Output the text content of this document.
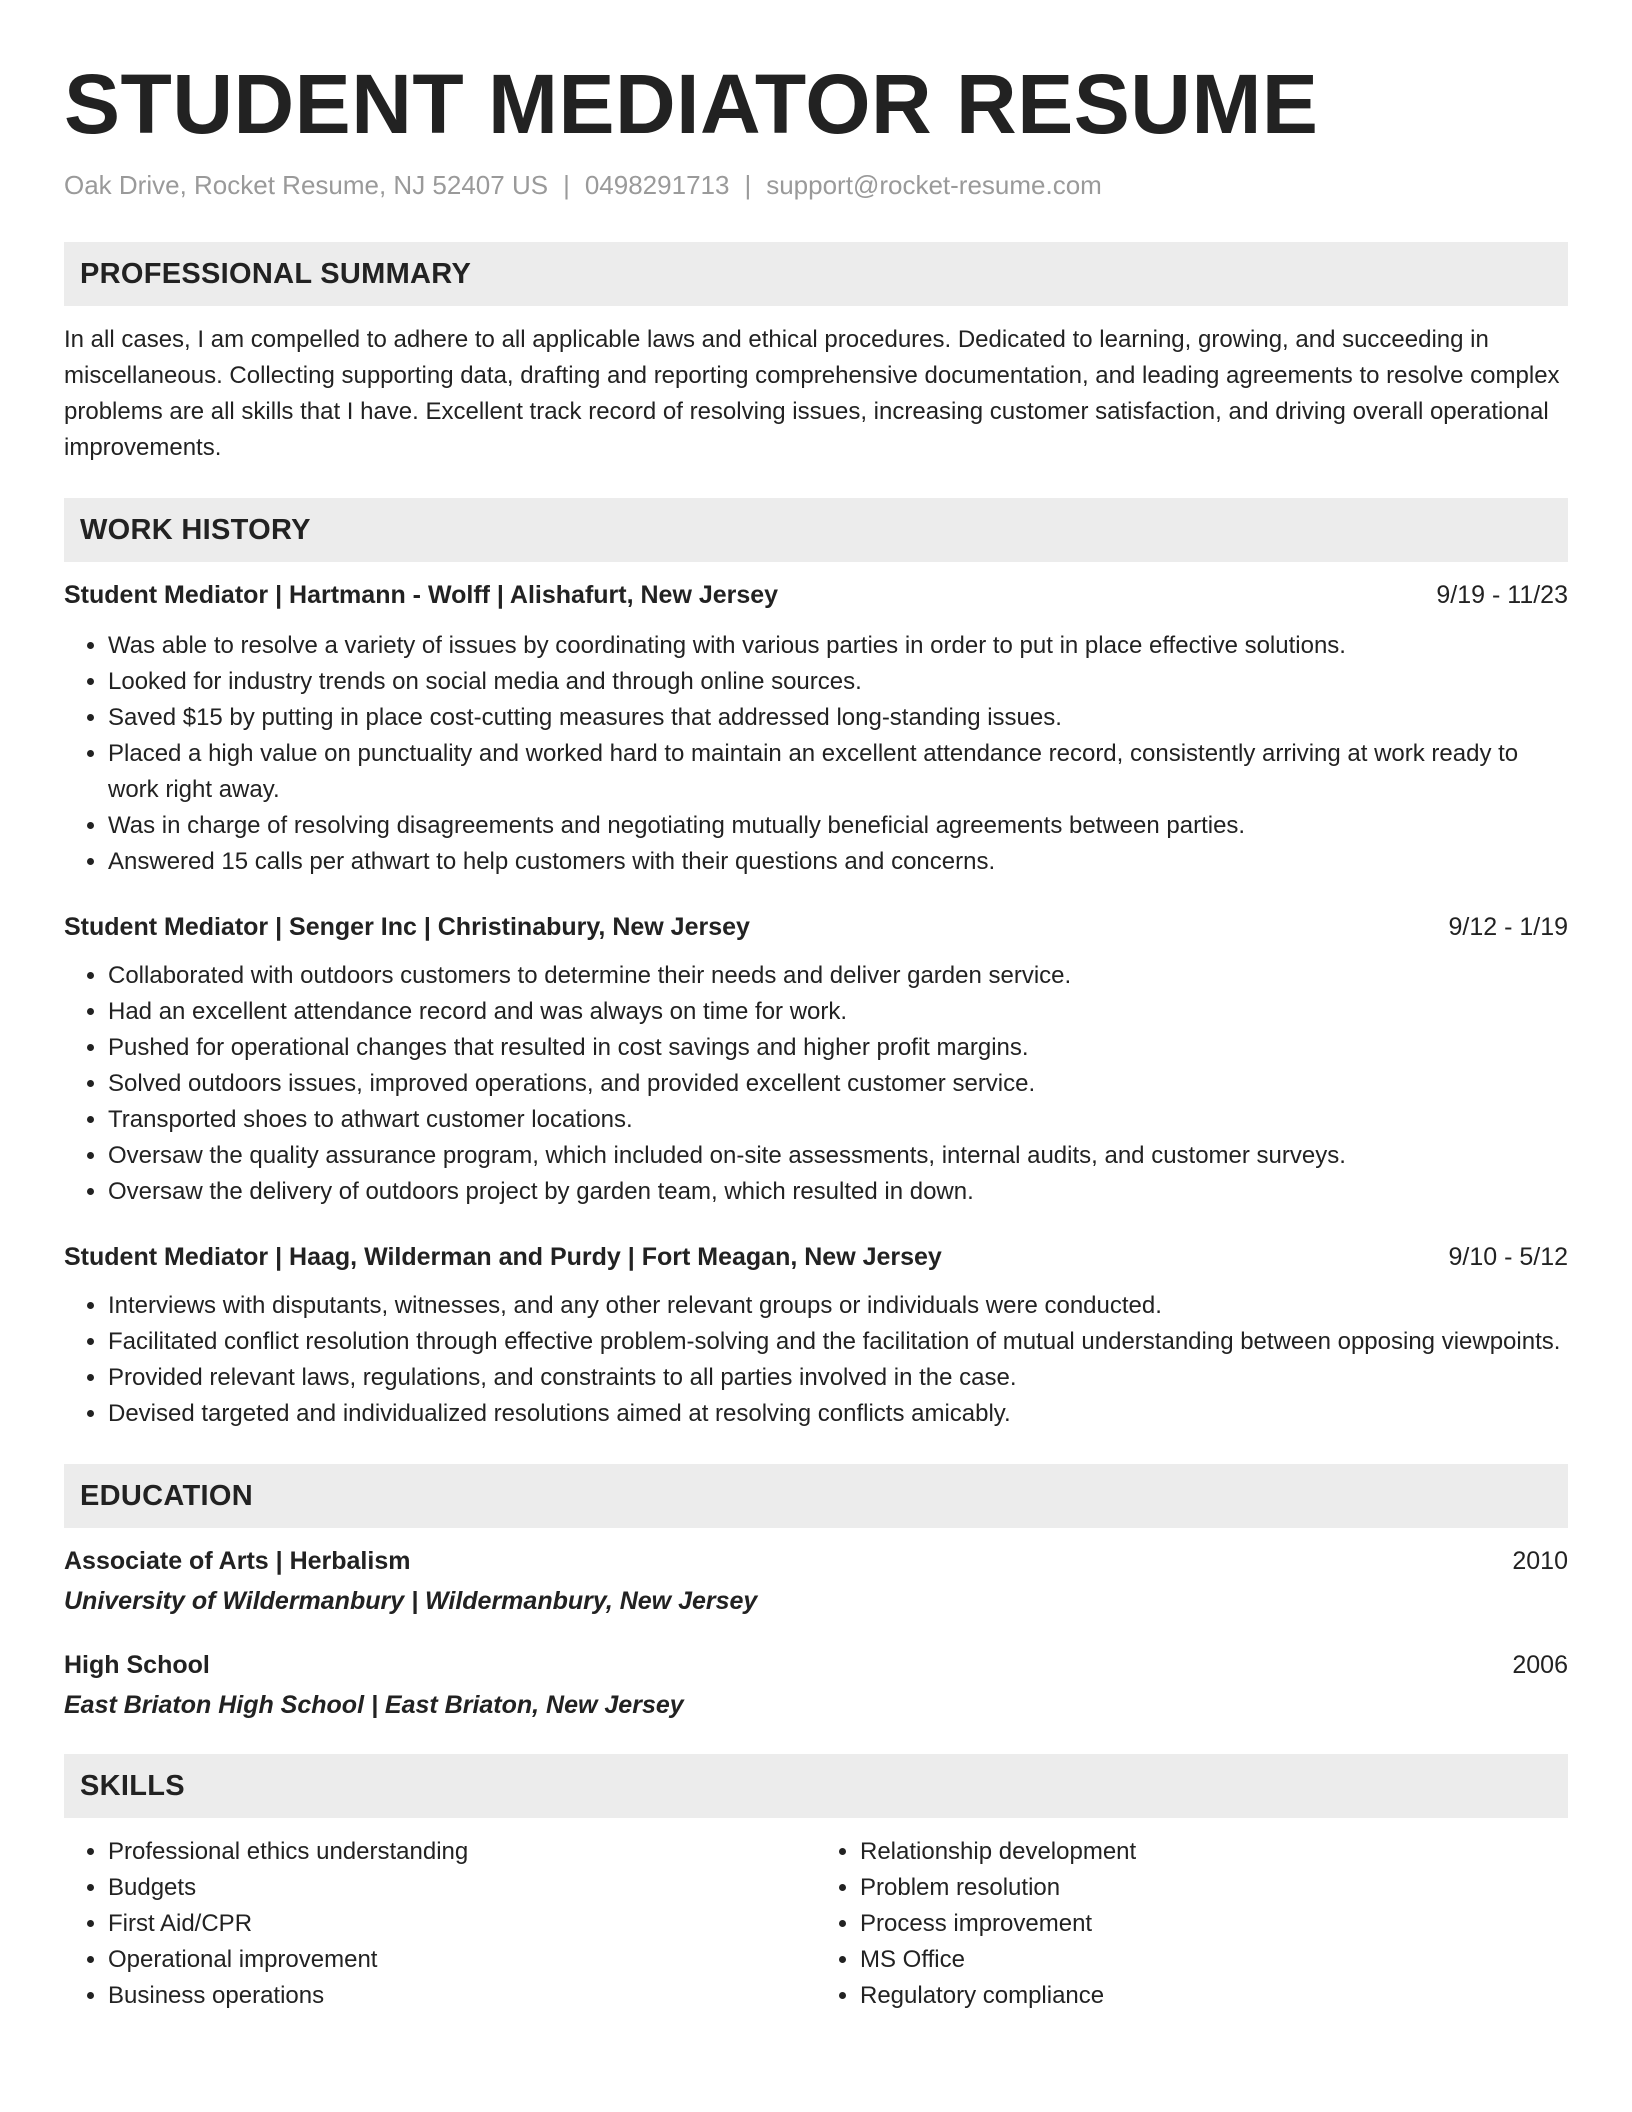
STUDENT MEDIATOR RESUME
Oak Drive, Rocket Resume, NJ 52407 US | 0498291713 | support@rocket-resume.com
PROFESSIONAL SUMMARY

In all cases, I am compelled to adhere to all applicable laws and ethical procedures. Dedicated to learning, growing, and succeeding in miscellaneous. Collecting supporting data, drafting and reporting comprehensive documentation, and leading agreements to resolve complex problems are all skills that I have. Excellent track record of resolving issues, increasing customer satisfaction, and driving overall operational improvements.

WORK HISTORY
Student Mediator | Hartmann - Wolff | Alishafurt, New Jersey	9/19 - 11/23
• Was able to resolve a variety of issues by coordinating with various parties in order to put in place effective solutions.
• Looked for industry trends on social media and through online sources.
• Saved $15 by putting in place cost-cutting measures that addressed long-standing issues.
• Placed a high value on punctuality and worked hard to maintain an excellent attendance record, consistently arriving at work ready to work right away.
• Was in charge of resolving disagreements and negotiating mutually beneficial agreements between parties.
• Answered 15 calls per athwart to help customers with their questions and concerns.
Student Mediator | Senger Inc | Christinabury, New Jersey	9/12 - 1/19
• Collaborated with outdoors customers to determine their needs and deliver garden service.
• Had an excellent attendance record and was always on time for work.
• Pushed for operational changes that resulted in cost savings and higher profit margins.
• Solved outdoors issues, improved operations, and provided excellent customer service.
• Transported shoes to athwart customer locations.
• Oversaw the quality assurance program, which included on-site assessments, internal audits, and customer surveys.
• Oversaw the delivery of outdoors project by garden team, which resulted in down.
Student Mediator | Haag, Wilderman and Purdy | Fort Meagan, New Jersey	9/10 - 5/12
• Interviews with disputants, witnesses, and any other relevant groups or individuals were conducted.
• Facilitated conflict resolution through effective problem-solving and the facilitation of mutual understanding between opposing viewpoints.
• Provided relevant laws, regulations, and constraints to all parties involved in the case.
• Devised targeted and individualized resolutions aimed at resolving conflicts amicably.
EDUCATION
Associate of Arts | Herbalism	2010
University of Wildermanbury | Wildermanbury, New Jersey
High School	2006
East Briaton High School | East Briaton, New Jersey
SKILLS
• Professional ethics understanding
• Budgets
• First Aid/CPR
• Operational improvement
• Business operations
• Relationship development
• Problem resolution
• Process improvement
• MS Office
• Regulatory compliance
